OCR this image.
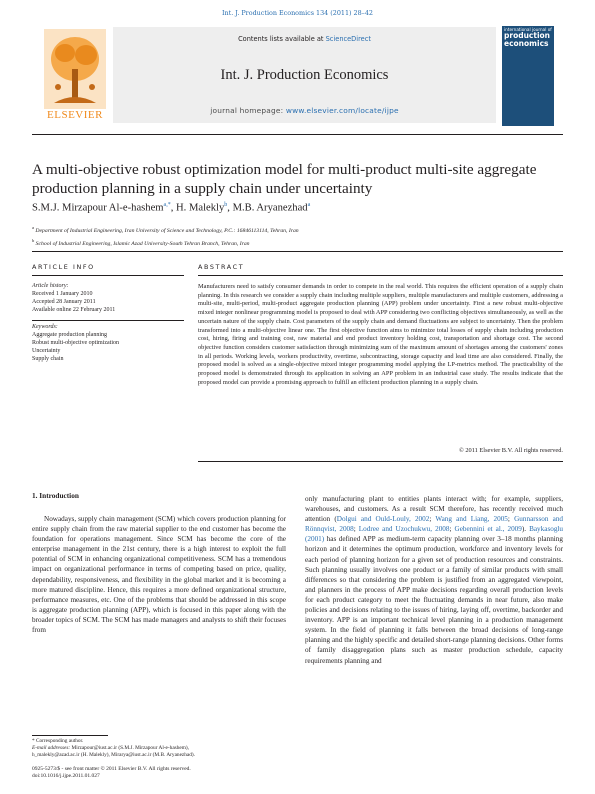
Int. J. Production Economics 134 (2011) 28–42
ELSEVIER
Contents lists available at ScienceDirect
Int. J. Production Economics
journal homepage: www.elsevier.com/locate/ijpe
international journal of
production
economics
A multi-objective robust optimization model for multi-product multi-site aggregate production planning in a supply chain under uncertainty
S.M.J. Mirzapour Al-e-hashem$^{a,*}$, H. Malekly$^b$, M.B. Aryanezhad$^a$
$^a$ Department of Industrial Engineering, Iran University of Science and Technology, P.C.: 16846113114, Tehran, Iran
$^b$ School of Industrial Engineering, Islamic Azad University-South Tehran Branch, Tehran, Iran
ARTICLE INFO	ABSTRACT
Article history:
Received 1 January 2010
Accepted 28 January 2011
Available online 22 February 2011
Keywords:
Aggregate production planning
Robust multi-objective optimization
Uncertainty
Supply chain
Manufacturers need to satisfy consumer demands in order to compete in the real world. This requires the efficient operation of a supply chain planning. In this research we consider a supply chain including multiple suppliers, multiple manufacturers and multiple customers, addressing a multi-site, multi-period, multi-product aggregate production planning (APP) problem under uncertainty. First a new robust multi-objective mixed integer nonlinear programming model is proposed to deal with APP considering two conflicting objectives simultaneously, as well as the uncertain nature of the supply chain. Cost parameters of the supply chain and demand fluctuations are subject to uncertainty. Then the problem transformed into a multi-objective linear one. The first objective function aims to minimize total losses of supply chain including production cost, hiring, firing and training cost, raw material and end product inventory holding cost, transportation and shortage cost. The second objective function considers customer satisfaction through minimizing sum of the maximum amount of shortages among the customers' zones in all periods. Working levels, workers productivity, overtime, subcontracting, storage capacity and lead time are also considered. Finally, the proposed model is solved as a single-objective mixed integer programming model applying the LP-metrics method. The practicability of the proposed model is demonstrated through its application in solving an APP problem in an industrial case study. The results indicate that the proposed model can provide a promising approach to fulfill an efficient production planning in a supply chain.
© 2011 Elsevier B.V. All rights reserved.
1. Introduction
Nowadays, supply chain management (SCM) which covers production planning for entire supply chain from the raw material supplier to the end customer has become the foundation for operations management. Since SCM has become the core of the enterprise management in the 21st century, there is a high interest to exploit the full potential of SCM in enhancing organizational competitiveness. SCM has a tremendous impact on organizational performance in terms of competing based on price, quality, dependability, responsiveness, and flexibility in the global market and it is becoming a more matured discipline. Hence, this requires a more defined organizational structure, performance measures, etc. One of the problems that should be addressed in this scope is aggregate production planning (APP), which is focused in this paper along with the broader topics of SCM. The SCM has made managers and analysts to shift their focuses from
only manufacturing plant to entities plants interact with; for example, suppliers, warehouses, and customers. As a result SCM therefore, has recently received much attention (Dolgui and Ould-Louly, 2002; Wang and Liang, 2005; Gunnarsson and Rönnqvist, 2008; Lodree and Uzochukwu, 2008; Gebennini et al., 2009). Baykasoglu (2001) has defined APP as medium-term capacity planning over 3–18 months planning horizon and it determines the optimum production, workforce and inventory levels for each period of planning horizon for a given set of production resources and constraints. Such planning usually involves one product or a family of similar products with small differences so that considering the problem is justified from an aggregated viewpoint, and planners in the process of APP make decisions regarding overall production levels for each product category to meet the fluctuating demands in near future, also make policies and decisions relating to the issues of hiring, laying off, overtime, backorder and inventory. APP is an important technical level planning in a production management system. In the field of planning it falls between the broad decisions of long-range planning and the highly specific and detailed short-range planning decisions. Other forms of family disaggregation plans such as master production schedule, capacity requirements planning and
* Corresponding author.
E-mail addresses: Mirzapour@iust.ac.ir (S.M.J. Mirzapour Al-e-hashem),
h_malekly@azad.ac.ir (H. Malekly), Mirarya@iust.ac.ir (M.B. Aryanezhad).
0925-5273/$ - see front matter © 2011 Elsevier B.V. All rights reserved.
doi:10.1016/j.ijpe.2011.01.027
